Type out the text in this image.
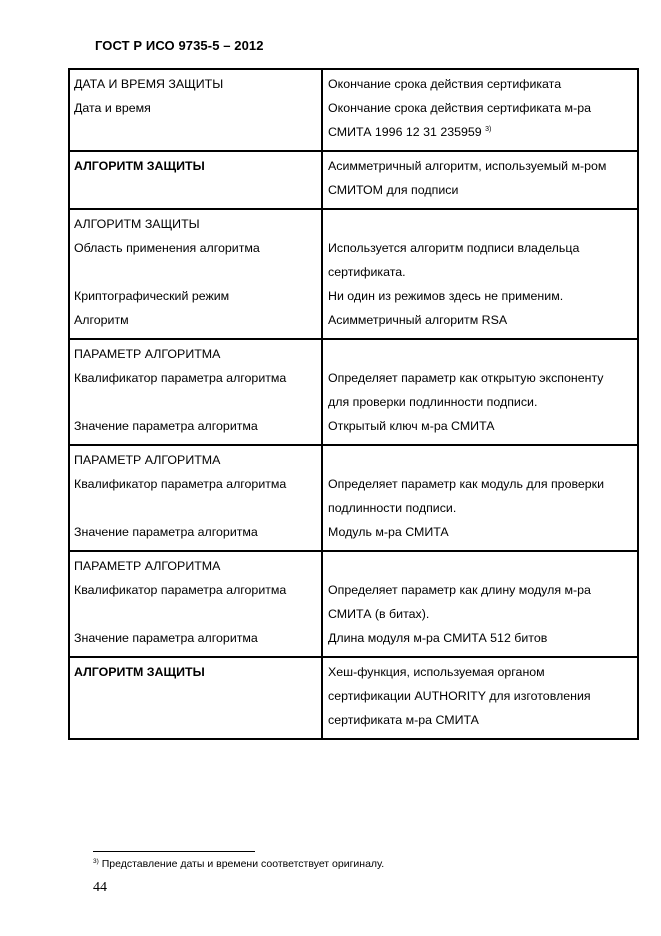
ГОСТ Р ИСО 9735-5 – 2012
ДАТА И ВРЕМЯ ЗАЩИТЫ
Дата и время	Окончание срока действия сертификата
Окончание срока действия сертификата м-ра
СМИТА 1996 12 31 235959 $^{3)}$

АЛГОРИТМ ЗАЩИТЫ	Асимметричный алгоритм, используемый м-ром
СМИТОМ для подписи

АЛГОРИТМ ЗАЩИТЫ
Область применения алгоритма

Криптографический режим
Алгоритм	Используется алгоритм подписи владельца
сертификата.
Ни один из режимов здесь не применим.
Асимметричный алгоритм RSA

ПАРАМЕТР АЛГОРИТМА
Квалификатор параметра алгоритма

Значение параметра алгоритма	Определяет параметр как открытую экспоненту
для проверки подлинности подписи.
Открытый ключ м-ра СМИТА

ПАРАМЕТР АЛГОРИТМА
Квалификатор параметра алгоритма

Значение параметра алгоритма	Определяет параметр как модуль для проверки
подлинности подписи.
Модуль м-ра СМИТА

ПАРАМЕТР АЛГОРИТМА
Квалификатор параметра алгоритма

Значение параметра алгоритма	Определяет параметр как длину модуля м-ра
СМИТА (в битах).
Длина модуля м-ра СМИТА 512 битов

АЛГОРИТМ ЗАЩИТЫ	Хеш-функция, используемая органом
сертификации AUTHORITY для изготовления
сертификата м-ра СМИТА
$^{3)}$ Представление даты и времени соответствует оригиналу.
44
